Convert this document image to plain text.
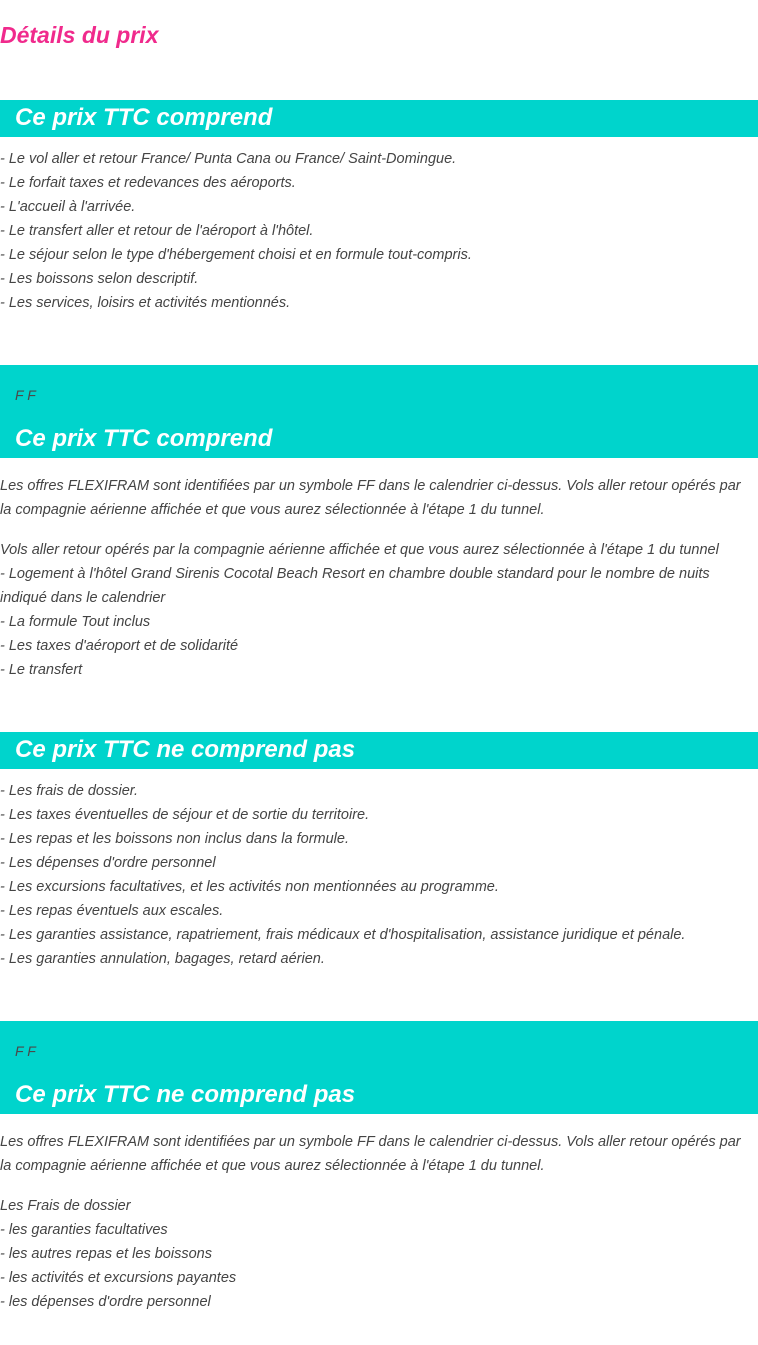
Détails du prix
Ce prix TTC comprend
- Le vol aller et retour France/ Punta Cana ou France/ Saint-Domingue.
- Le forfait taxes et redevances des aéroports.
- L'accueil à l'arrivée.
- Le transfert aller et retour de l'aéroport à l'hôtel.
- Le séjour selon le type d'hébergement choisi et en formule tout-compris.
- Les boissons selon descriptif.
- Les services, loisirs et activités mentionnés.
F F
Ce prix TTC comprend

Les offres FLEXIFRAM sont identifiées par un symbole FF dans le calendrier ci-dessus. Vols aller retour opérés par la compagnie aérienne affichée et que vous aurez sélectionnée à l'étape 1 du tunnel.

Vols aller retour opérés par la compagnie aérienne affichée et que vous aurez sélectionnée à l'étape 1 du tunnel
- Logement à l'hôtel Grand Sirenis Cocotal Beach Resort en chambre double standard pour le nombre de nuits indiqué dans le calendrier
- La formule Tout inclus
- Les taxes d'aéroport et de solidarité
- Le transfert
Ce prix TTC ne comprend pas
- Les frais de dossier.
- Les taxes éventuelles de séjour et de sortie du territoire.
- Les repas et les boissons non inclus dans la formule.
- Les dépenses d'ordre personnel
- Les excursions facultatives, et les activités non mentionnées au programme.
- Les repas éventuels aux escales.
- Les garanties assistance, rapatriement, frais médicaux et d'hospitalisation, assistance juridique et pénale.
- Les garanties annulation, bagages, retard aérien.
F F
Ce prix TTC ne comprend pas

Les offres FLEXIFRAM sont identifiées par un symbole FF dans le calendrier ci-dessus. Vols aller retour opérés par la compagnie aérienne affichée et que vous aurez sélectionnée à l'étape 1 du tunnel.

Les Frais de dossier
- les garanties facultatives
- les autres repas et les boissons
- les activités et excursions payantes
- les dépenses d'ordre personnel
